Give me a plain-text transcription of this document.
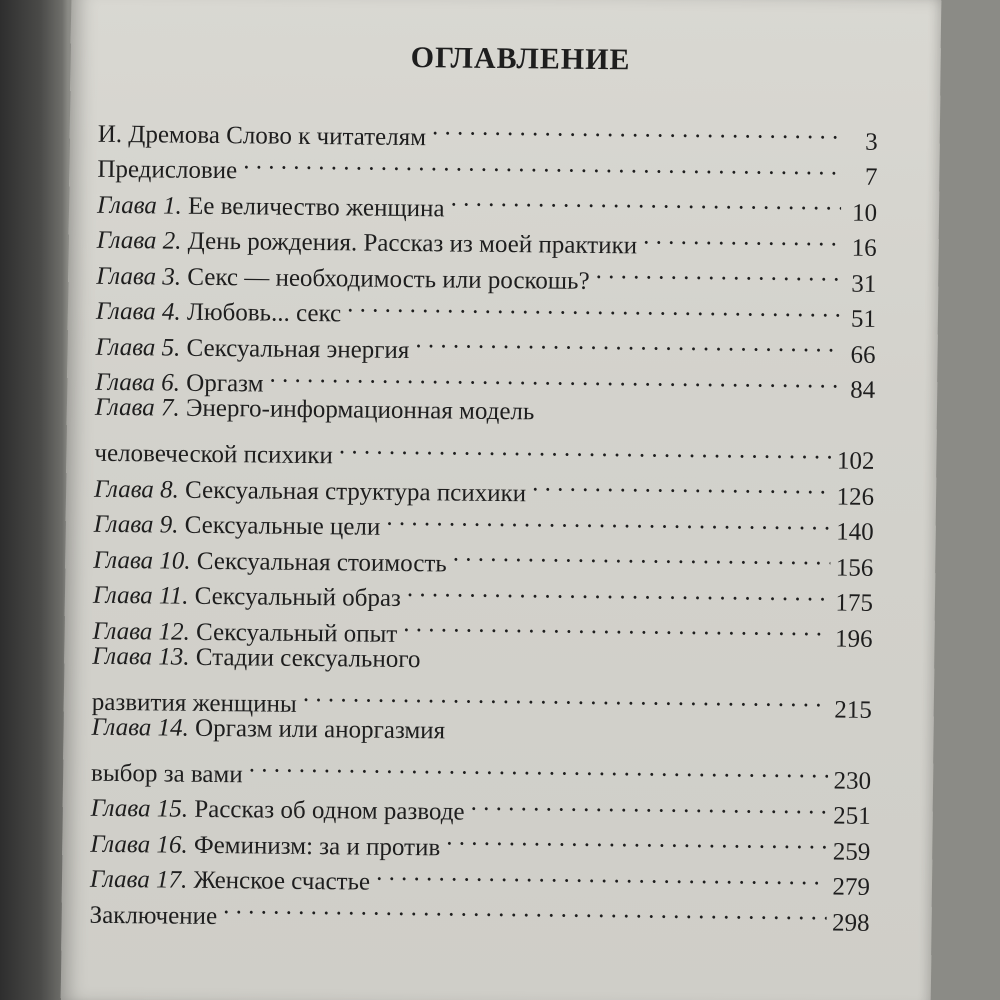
ОГЛАВЛЕНИЕ
И. Дремова Слово к читателям . . .	3
Предисловие . . .	7
Глава 1. Ее величество женщина . . .	10
Глава 2. День рождения. Рассказ из моей практики . . .	16
Глава 3. Секс — необходимость или роскошь? . . .	31
Глава 4. Любовь... секс . . .	51
Глава 5. Сексуальная энергия . . .	66
Глава 6. Оргазм . . .	84
Глава 7. Энерго-информационная модель
человеческой психики . . .	102
Глава 8. Сексуальная структура психики . . .	126
Глава 9. Сексуальные цели . . .	140
Глава 10. Сексуальная стоимость . . .	156
Глава 11. Сексуальный образ . . .	175
Глава 12. Сексуальный опыт . . .	196
Глава 13. Стадии сексуального
развития женщины . . .	215
Глава 14. Оргазм или аноргазмия
выбор за вами . . .	230
Глава 15. Рассказ об одном разводе . . .	251
Глава 16. Феминизм: за и против . . .	259
Глава 17. Женское счастье . . .	279
Заключение . . .	298
